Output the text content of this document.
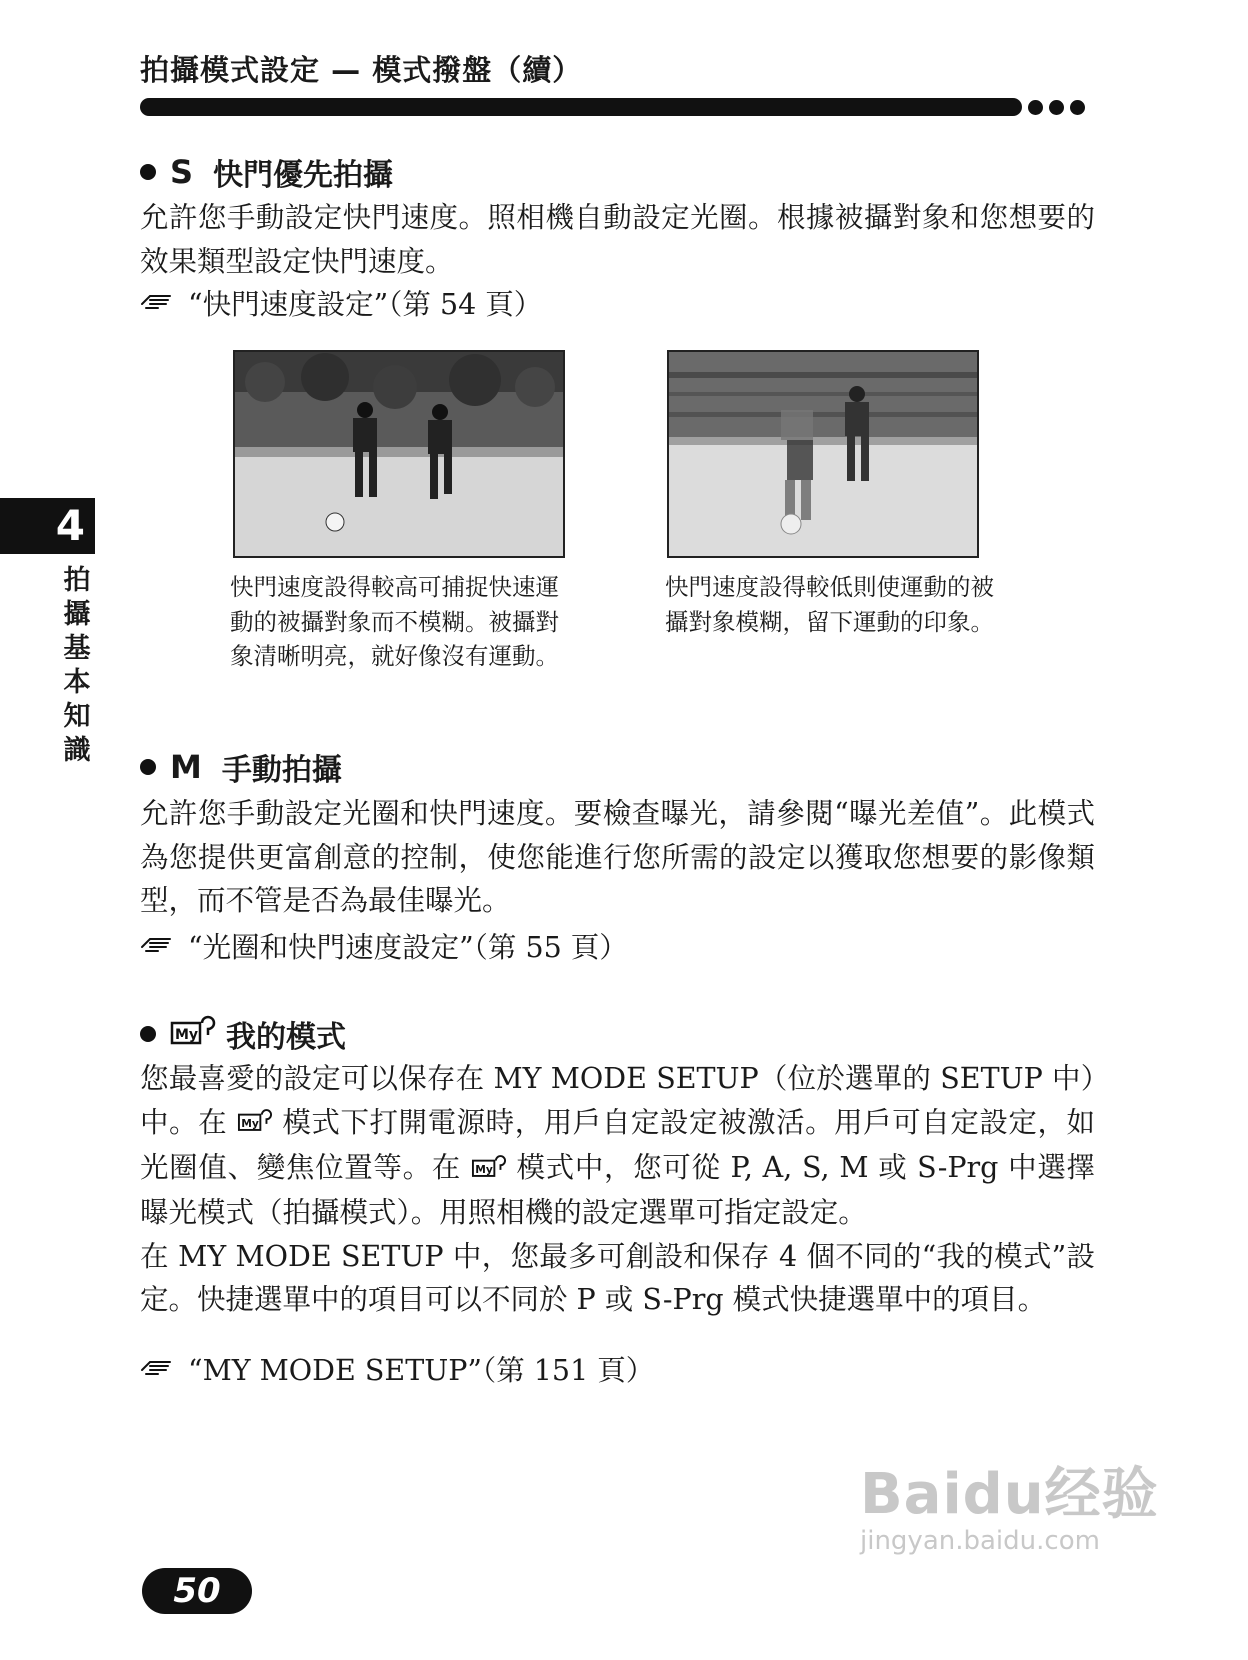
拍攝模式設定 — 模式撥盤（續）
4
拍攝基本知識
S 快門優先拍攝
允許您手動設定快門速度。照相機自動設定光圈。根據被攝對象和您想要的效果類型設定快門速度。
“快門速度設定”（第 54 頁）
快門速度設得較高可捕捉快速運動的被攝對象而不模糊。被攝對象清晰明亮，就好像沒有運動。
快門速度設得較低則使運動的被攝對象模糊，留下運動的印象。
M 手動拍攝
允許您手動設定光圈和快門速度。要檢查曝光，請參閱“曝光差值”。此模式為您提供更富創意的控制，使您能進行您所需的設定以獲取您想要的影像類型，而不管是否為最佳曝光。
“光圈和快門速度設定”（第 55 頁）
My 我的模式
您最喜愛的設定可以保存在 MY MODE SETUP（位於選單的 SETUP 中）中。在 My 模式下打開電源時，用戶自定設定被激活。用戶可自定設定，如光圈值、變焦位置等。在 My 模式中，您可從 P, A, S, M 或 S-Prg 中選擇曝光模式（拍攝模式）。用照相機的設定選單可指定設定。
在 MY MODE SETUP 中，您最多可創設和保存 4 個不同的“我的模式”設定。快捷選單中的項目可以不同於 P 或 S-Prg 模式快捷選單中的項目。
“MY MODE SETUP”（第 151 頁）
50
Baidu经验
jingyan.baidu.com
